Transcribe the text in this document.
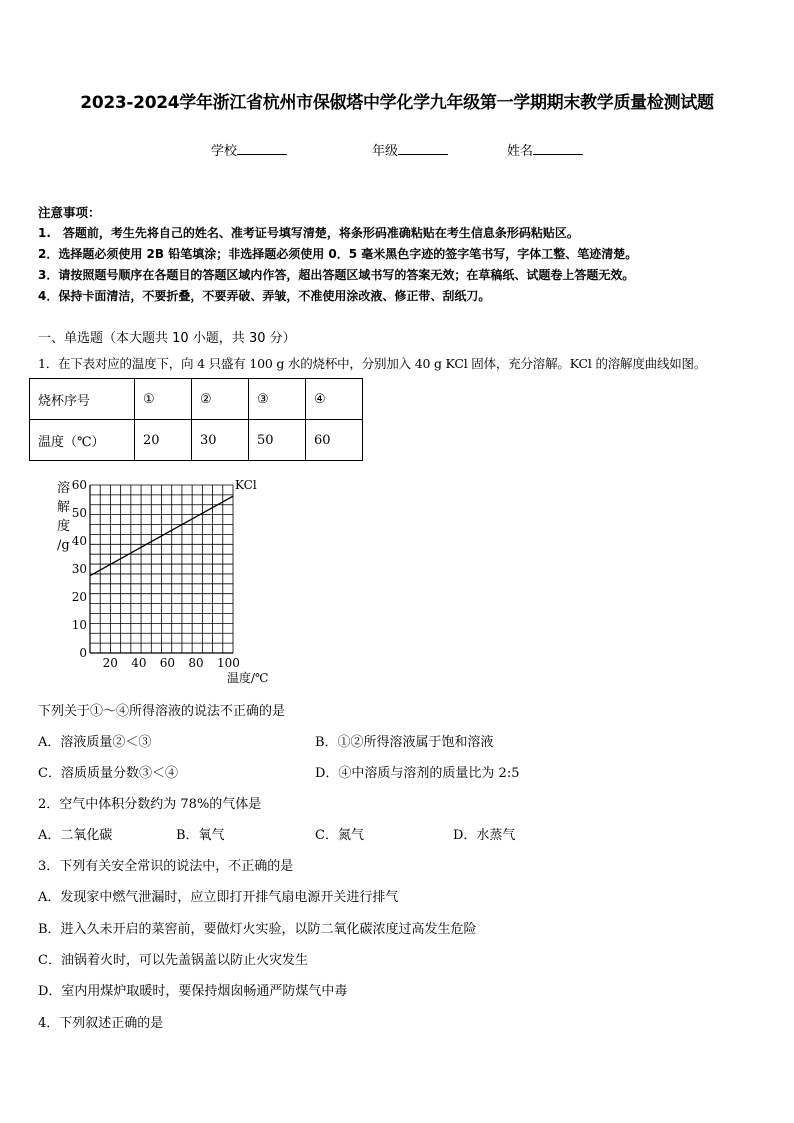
2023-2024学年浙江省杭州市保俶塔中学化学九年级第一学期期末教学质量检测试题
学校	年级	姓名
注意事项：
1.　答题前，考生先将自己的姓名、准考证号填写清楚，将条形码准确粘贴在考生信息条形码粘贴区。
2．选择题必须使用 2B 铅笔填涂；非选择题必须使用 0．5 毫米黑色字迹的签字笔书写，字体工整、笔迹清楚。
3．请按照题号顺序在各题目的答题区域内作答，超出答题区域书写的答案无效；在草稿纸、试题卷上答题无效。
4．保持卡面清洁，不要折叠，不要弄破、弄皱，不准使用涂改液、修正带、刮纸刀。
一、单选题（本大题共 10 小题，共 30 分）
1．在下表对应的温度下，向 4 只盛有 100 g 水的烧杯中，分别加入 40 g KCl 固体，充分溶解。KCl 的溶解度曲线如图。
烧杯序号	①	②	③	④
温度（℃）	20	30	50	60
溶
解
度
/g
0
10
20
30
40
50
60
20 40 60 80 100
KCl
温度/℃
下列关于①～④所得溶液的说法不正确的是
A．溶液质量②＜③	B．①②所得溶液属于饱和溶液
C．溶质质量分数③＜④	D．④中溶质与溶剂的质量比为 2:5
2．空气中体积分数约为 78%的气体是
A．二氧化碳	B．氧气	C．氮气	D．水蒸气
3．下列有关安全常识的说法中，不正确的是
A．发现家中燃气泄漏时，应立即打开排气扇电源开关进行排气
B．进入久未开启的菜窖前，要做灯火实验，以防二氧化碳浓度过高发生危险
C．油锅着火时，可以先盖锅盖以防止火灾发生
D．室内用煤炉取暖时，要保持烟囱畅通严防煤气中毒
4．下列叙述正确的是
